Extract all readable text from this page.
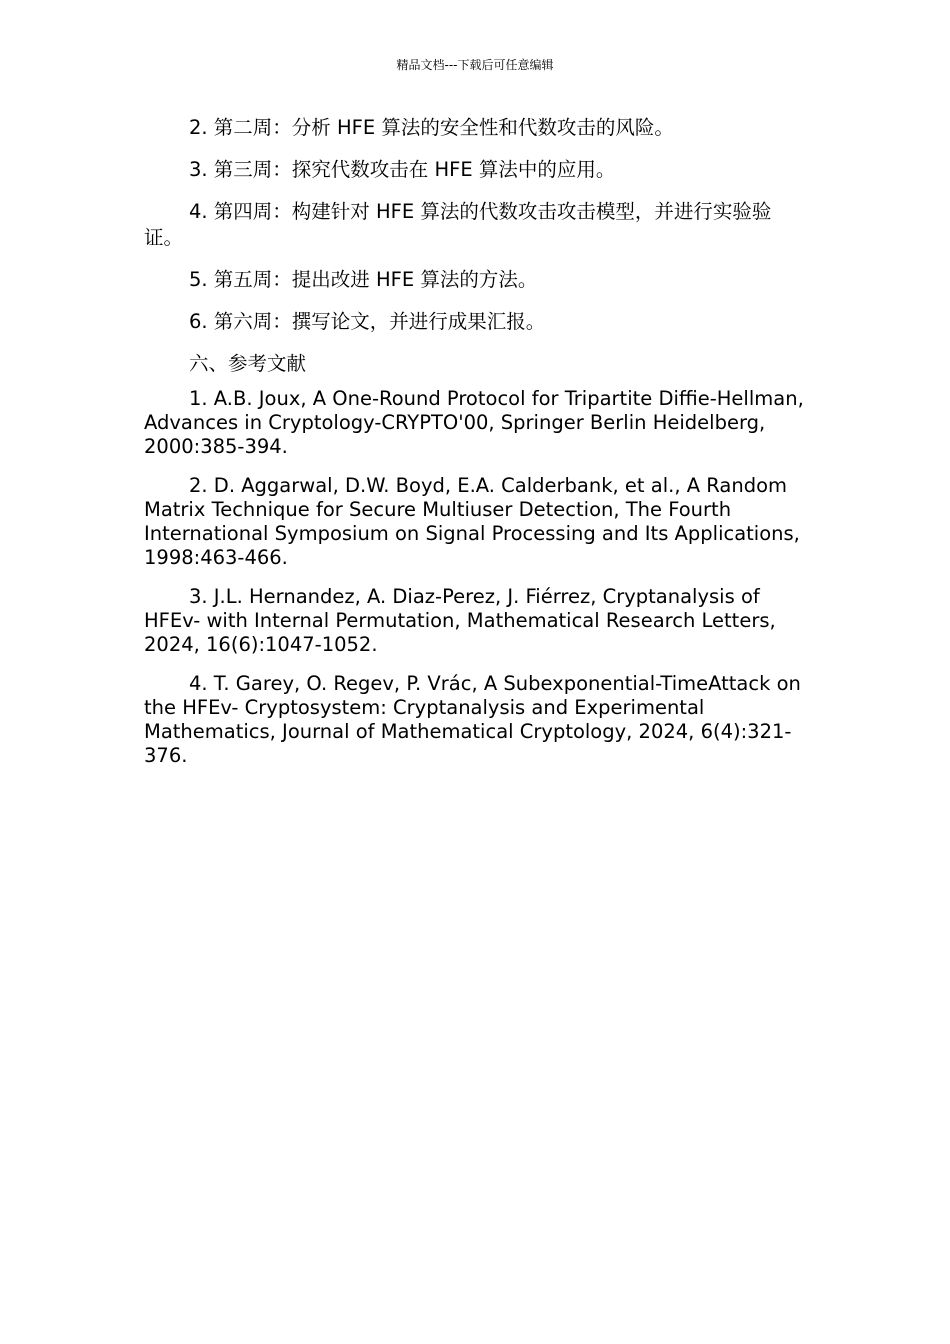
精品文档---下载后可任意编辑

2. 第二周：分析 HFE 算法的安全性和代数攻击的风险。

3. 第三周：探究代数攻击在 HFE 算法中的应用。

4. 第四周：构建针对 HFE 算法的代数攻击攻击模型，并进行实验验证。

5. 第五周：提出改进 HFE 算法的方法。

6. 第六周：撰写论文，并进行成果汇报。

六、参考文献

1. A.B. Joux, A One-Round Protocol for Tripartite Diffie-Hellman, Advances in Cryptology-CRYPTO'00, Springer Berlin Heidelberg, 2000:385-394.

2. D. Aggarwal, D.W. Boyd, E.A. Calderbank, et al., A Random Matrix Technique for Secure Multiuser Detection, The Fourth International Symposium on Signal Processing and Its Applications, 1998:463-466.

3. J.L. Hernandez, A. Diaz-Perez, J. Fiérrez, Cryptanalysis of HFEv- with Internal Permutation, Mathematical Research Letters, 2024, 16(6):1047-1052.

4. T. Garey, O. Regev, P. Vrác, A Subexponential-TimeAttack on the HFEv- Cryptosystem: Cryptanalysis and Experimental Mathematics, Journal of Mathematical Cryptology, 2024, 6(4):321-376.
